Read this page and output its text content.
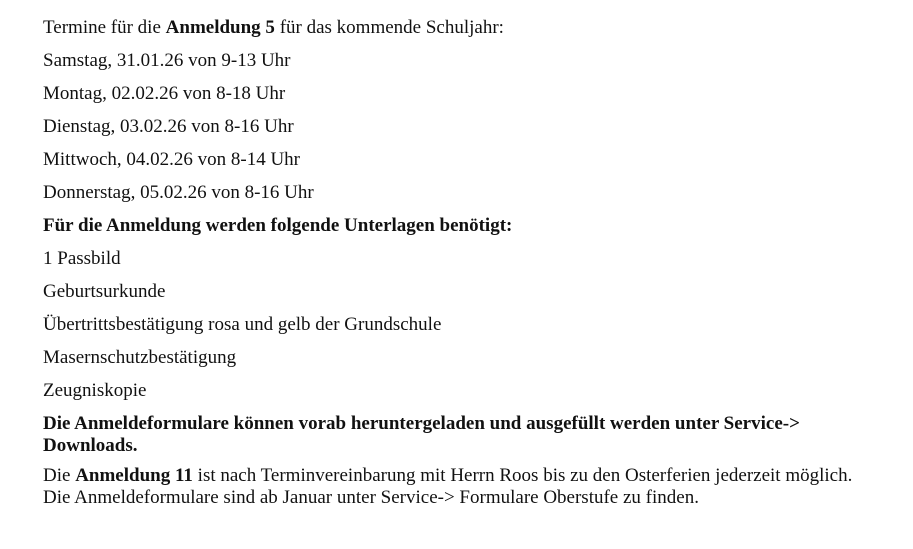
Termine für die Anmeldung 5 für das kommende Schuljahr:
Samstag, 31.01.26 von 9-13 Uhr
Montag, 02.02.26 von 8-18 Uhr
Dienstag, 03.02.26 von 8-16 Uhr
Mittwoch, 04.02.26 von 8-14 Uhr
Donnerstag, 05.02.26 von 8-16 Uhr
Für die Anmeldung werden folgende Unterlagen benötigt:
1 Passbild
Geburtsurkunde
Übertrittsbestätigung rosa und gelb der Grundschule
Masernschutzbestätigung
Zeugniskopie
Die Anmeldeformulare können vorab heruntergeladen und ausgefüllt werden unter Service-> Downloads.
Die Anmeldung 11 ist nach Terminvereinbarung mit Herrn Roos bis zu den Osterferien jederzeit möglich. Die Anmeldeformulare sind ab Januar unter Service-> Formulare Oberstufe zu finden.
